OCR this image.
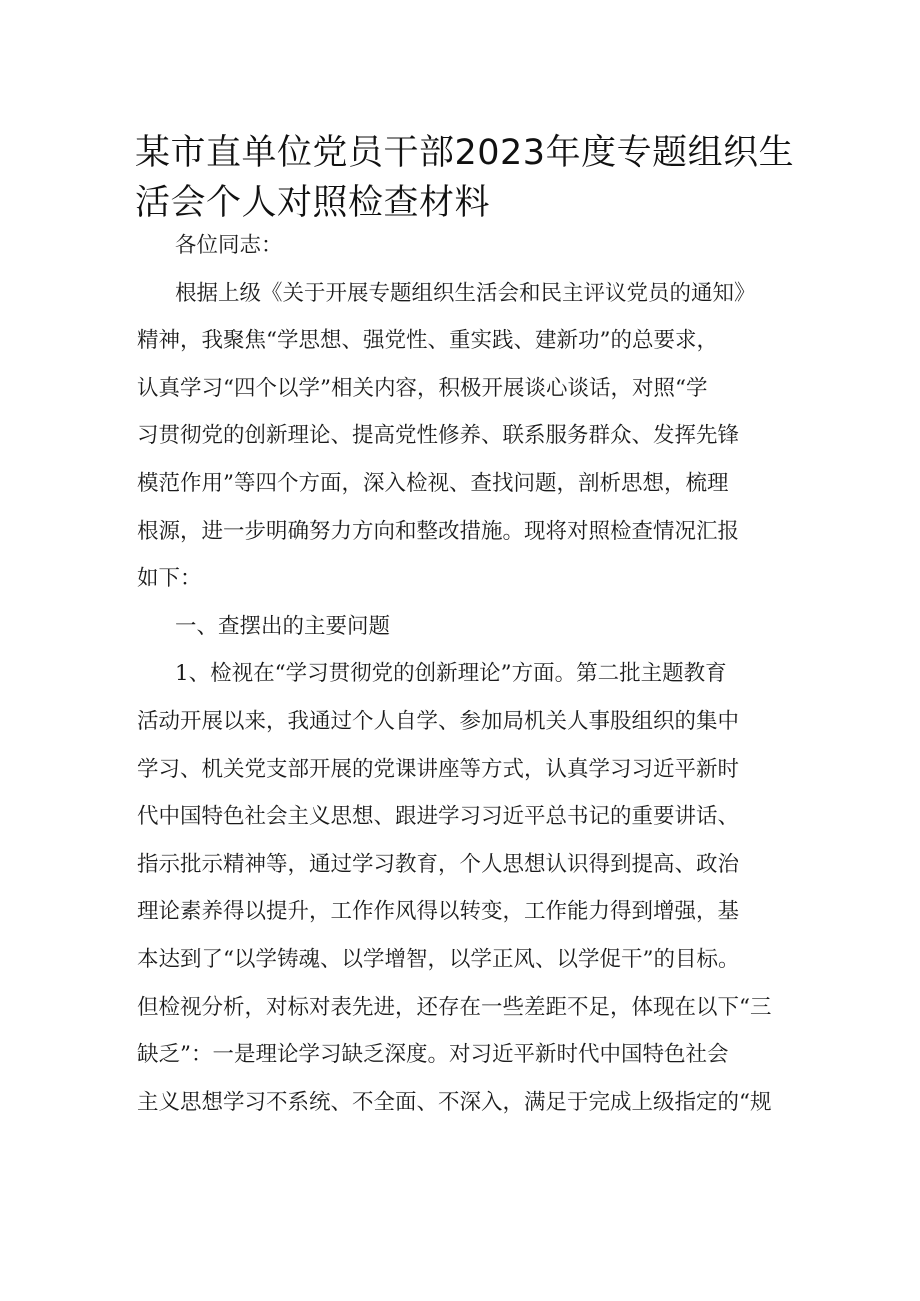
某市直单位党员干部2023年度专题组织生
活会个人对照检查材料
各位同志：
根据上级《关于开展专题组织生活会和民主评议党员的通知》
精神，我聚焦“学思想、强党性、重实践、建新功”的总要求，
认真学习“四个以学”相关内容，积极开展谈心谈话，对照“学
习贯彻党的创新理论、提高党性修养、联系服务群众、发挥先锋
模范作用”等四个方面，深入检视、查找问题，剖析思想，梳理
根源，进一步明确努力方向和整改措施。现将对照检查情况汇报
如下：
一、查摆出的主要问题
1、检视在“学习贯彻党的创新理论”方面。第二批主题教育
活动开展以来，我通过个人自学、参加局机关人事股组织的集中
学习、机关党支部开展的党课讲座等方式，认真学习习近平新时
代中国特色社会主义思想、跟进学习习近平总书记的重要讲话、
指示批示精神等，通过学习教育，个人思想认识得到提高、政治
理论素养得以提升，工作作风得以转变，工作能力得到增强，基
本达到了“以学铸魂、以学增智，以学正风、以学促干”的目标。
但检视分析，对标对表先进，还存在一些差距不足，体现在以下“三
缺乏”：一是理论学习缺乏深度。对习近平新时代中国特色社会
主义思想学习不系统、不全面、不深入，满足于完成上级指定的“规
